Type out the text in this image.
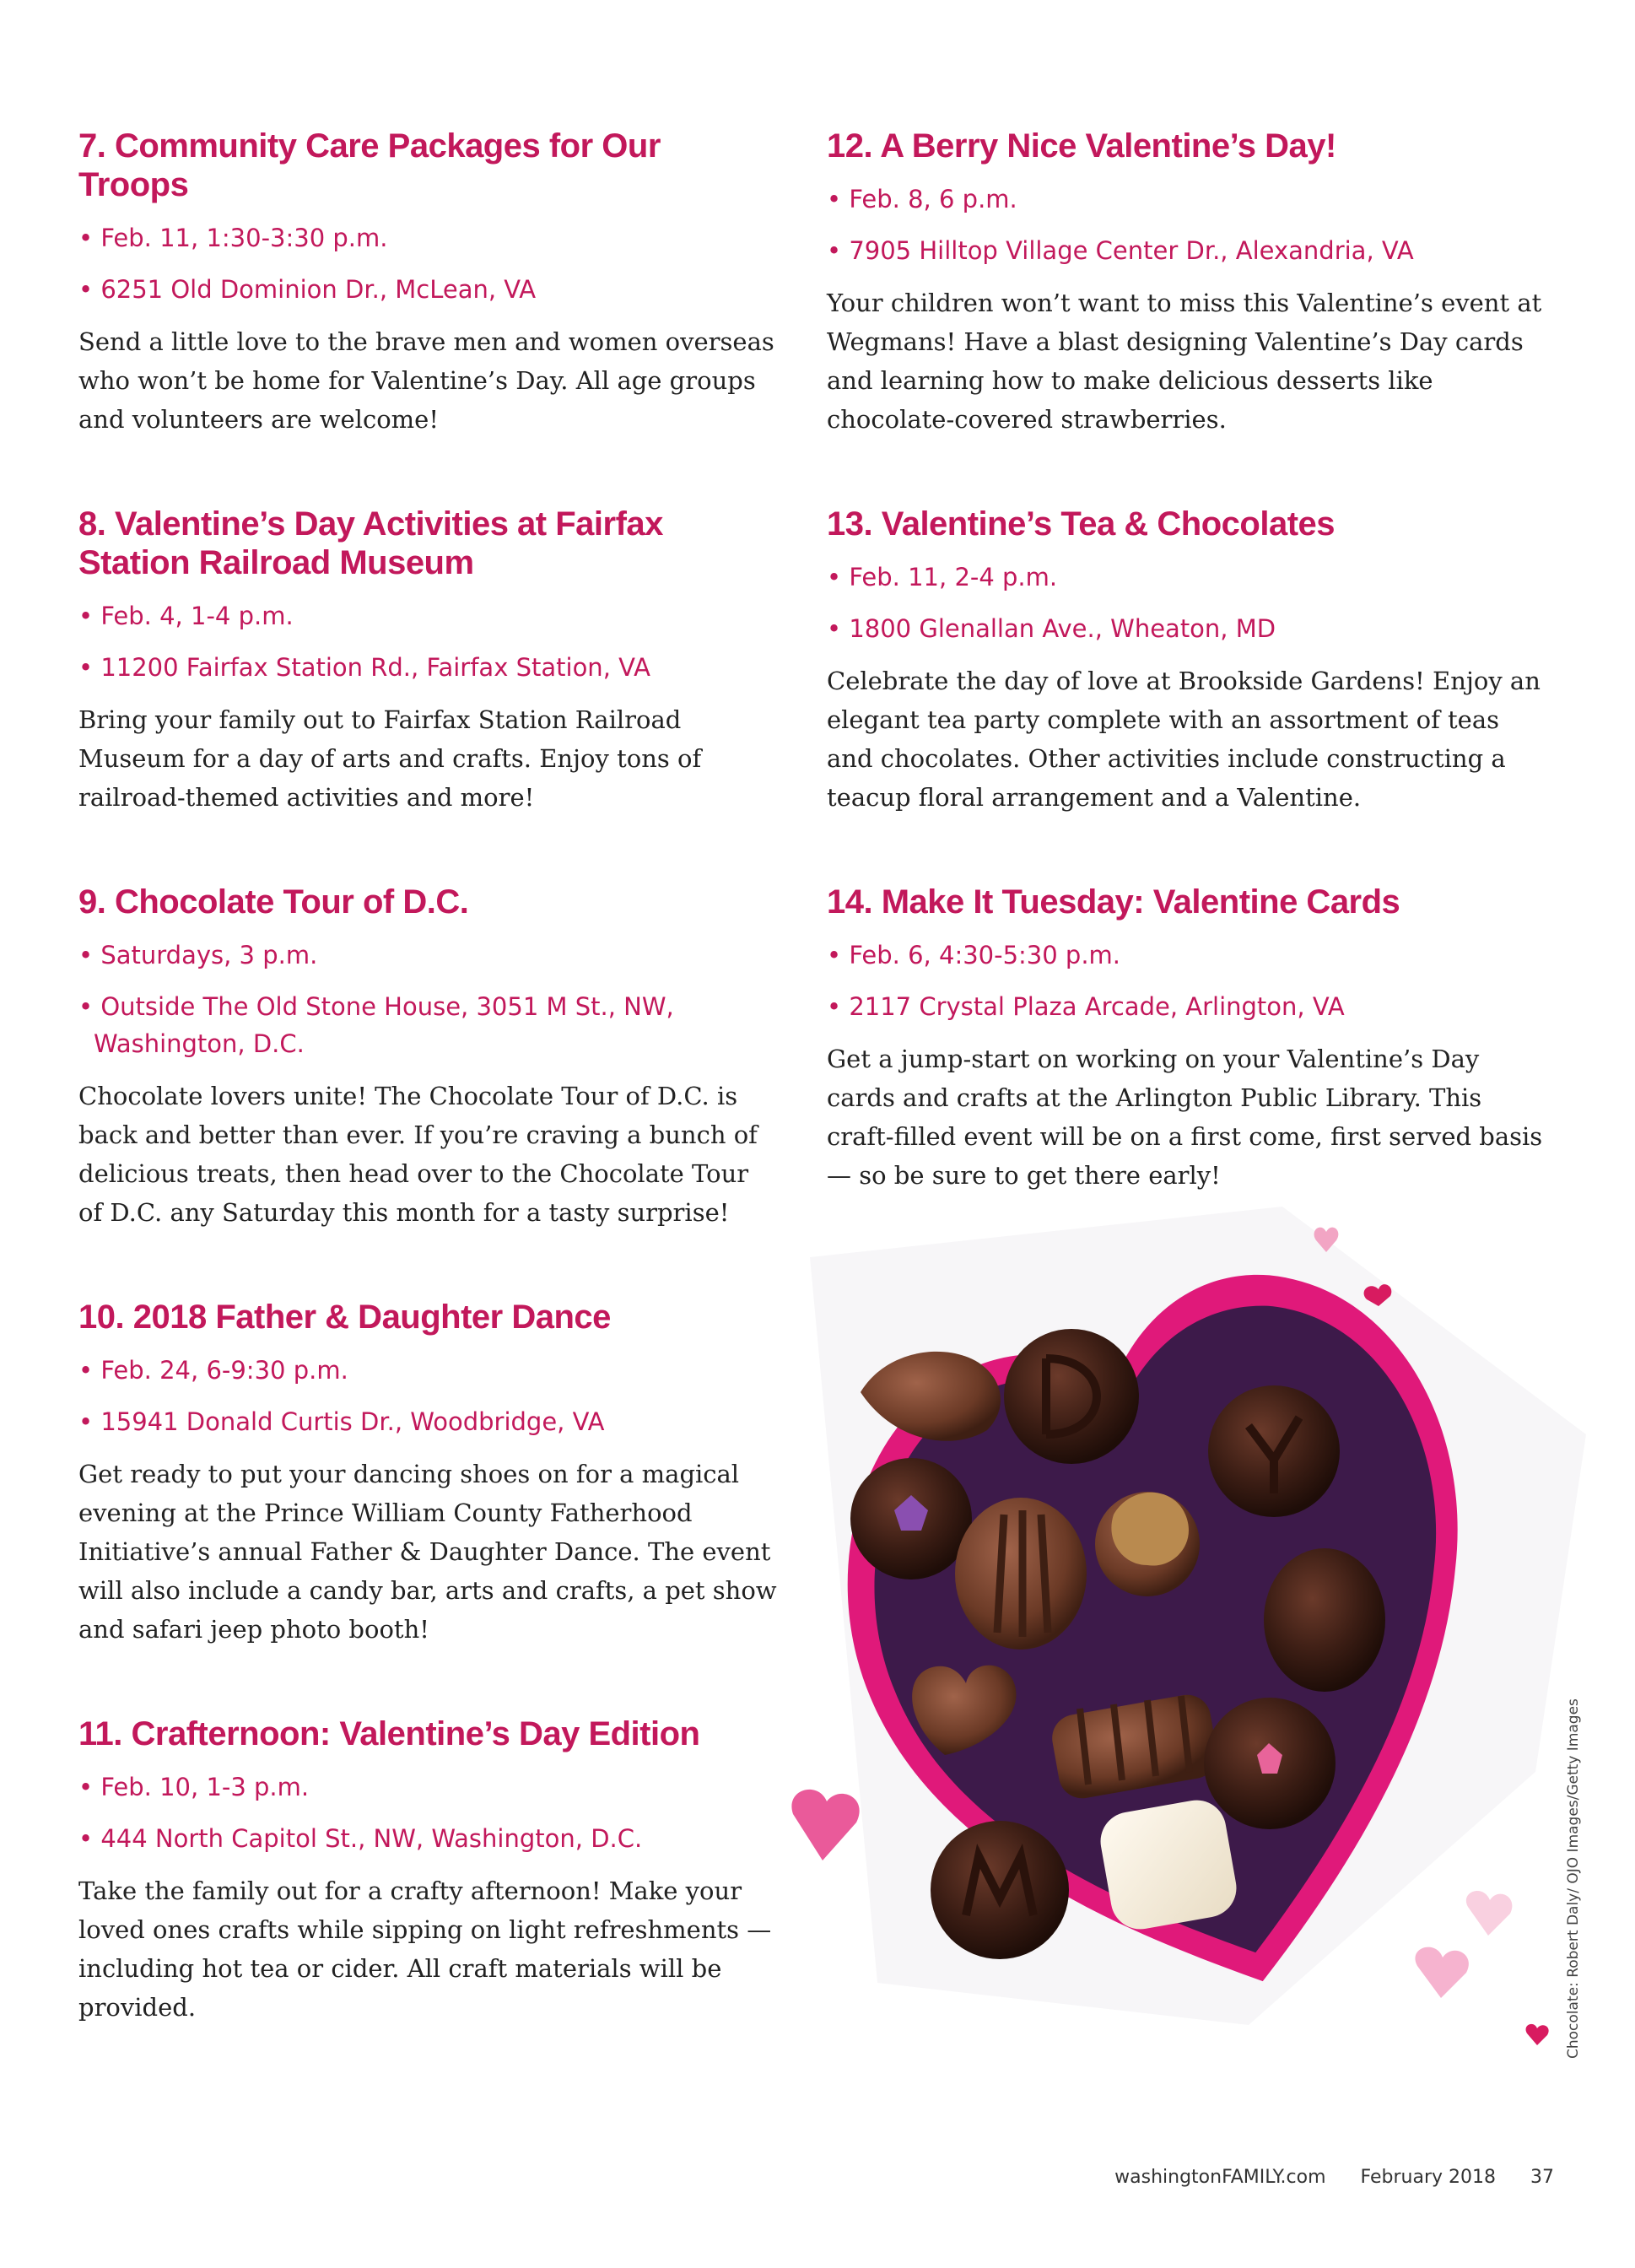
7. Community Care Packages for Our Troops

• Feb. 11, 1:30-3:30 p.m.

• 6251 Old Dominion Dr., McLean, VA

Send a little love to the brave men and women overseas who won’t be home for Valentine’s Day. All age groups and volunteers are welcome!

8. Valentine’s Day Activities at Fairfax Station Railroad Museum

• Feb. 4, 1-4 p.m.

• 11200 Fairfax Station Rd., Fairfax Station, VA

Bring your family out to Fairfax Station Railroad Museum for a day of arts and crafts. Enjoy tons of railroad-themed activities and more!

9. Chocolate Tour of D.C.

• Saturdays, 3 p.m.

• Outside The Old Stone House, 3051 M St., NW, Washington, D.C.

Chocolate lovers unite! The Chocolate Tour of D.C. is back and better than ever. If you’re craving a bunch of delicious treats, then head over to the Chocolate Tour of D.C. any Saturday this month for a tasty surprise!

10. 2018 Father & Daughter Dance

• Feb. 24, 6-9:30 p.m.

• 15941 Donald Curtis Dr., Woodbridge, VA

Get ready to put your dancing shoes on for a magical evening at the Prince William County Fatherhood Initiative’s annual Father & Daughter Dance. The event will also include a candy bar, arts and crafts, a pet show and safari jeep photo booth!

11. Crafternoon: Valentine’s Day Edition

• Feb. 10, 1-3 p.m.

• 444 North Capitol St., NW, Washington, D.C.

Take the family out for a crafty afternoon! Make your loved ones crafts while sipping on light refreshments — including hot tea or cider. All craft materials will be provided.

12. A Berry Nice Valentine’s Day!

• Feb. 8, 6 p.m.

• 7905 Hilltop Village Center Dr., Alexandria, VA

Your children won’t want to miss this Valentine’s event at Wegmans! Have a blast designing Valentine’s Day cards and learning how to make delicious desserts like chocolate-covered strawberries.

13. Valentine’s Tea & Chocolates

• Feb. 11, 2-4 p.m.

• 1800 Glenallan Ave., Wheaton, MD

Celebrate the day of love at Brookside Gardens! Enjoy an elegant tea party complete with an assortment of teas and chocolates. Other activities include constructing a teacup floral arrangement and a Valentine.

14. Make It Tuesday: Valentine Cards

• Feb. 6, 4:30-5:30 p.m.

• 2117 Crystal Plaza Arcade, Arlington, VA

Get a jump-start on working on your Valentine’s Day cards and crafts at the Arlington Public Library. This craft-filled event will be on a first come, first served basis — so be sure to get there early!

Chocolate: Robert Daly/ OJO Images/Getty Images
washingtonFAMILY.com February 2018 37
